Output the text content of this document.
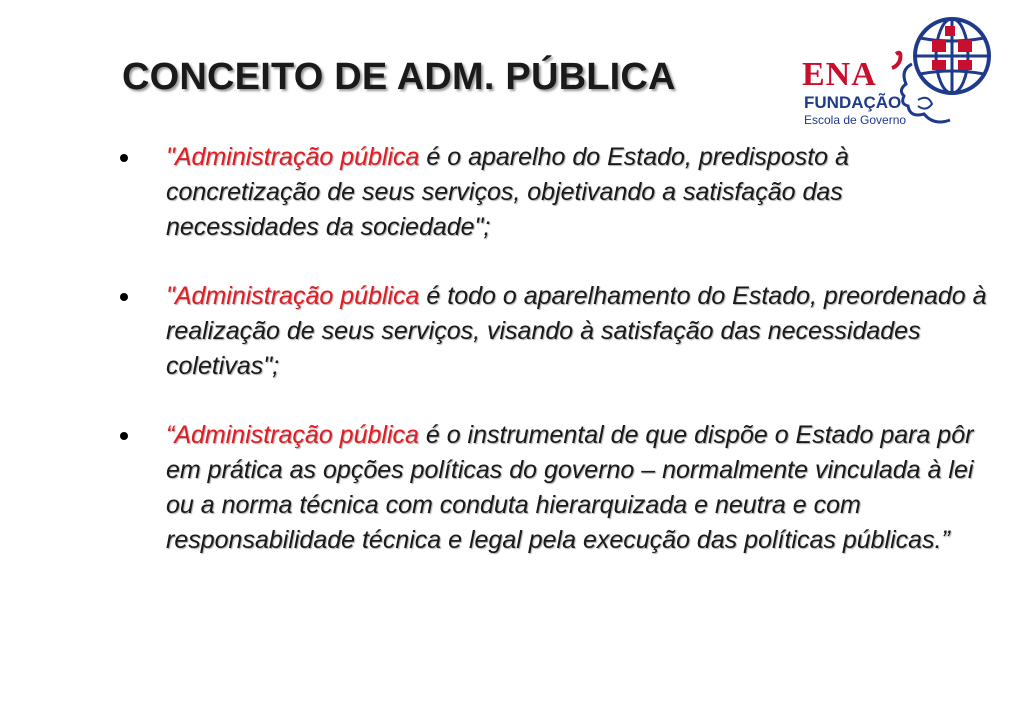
CONCEITO DE ADM. PÚBLICA	ENA
FUNDAÇÃO
Escola de Governo
"Administração pública é o aparelho do Estado, predisposto à concretização de seus serviços, objetivando a satisfação das necessidades da sociedade";
"Administração pública é todo o aparelhamento do Estado, preordenado à realização de seus serviços, visando à satisfação das necessidades coletivas";
“Administração pública é o instrumental de que dispõe o Estado para pôr em prática as opções políticas do governo – normalmente vinculada à lei ou a norma técnica com conduta hierarquizada e neutra e com responsabilidade técnica e legal pela execução das políticas públicas.”
